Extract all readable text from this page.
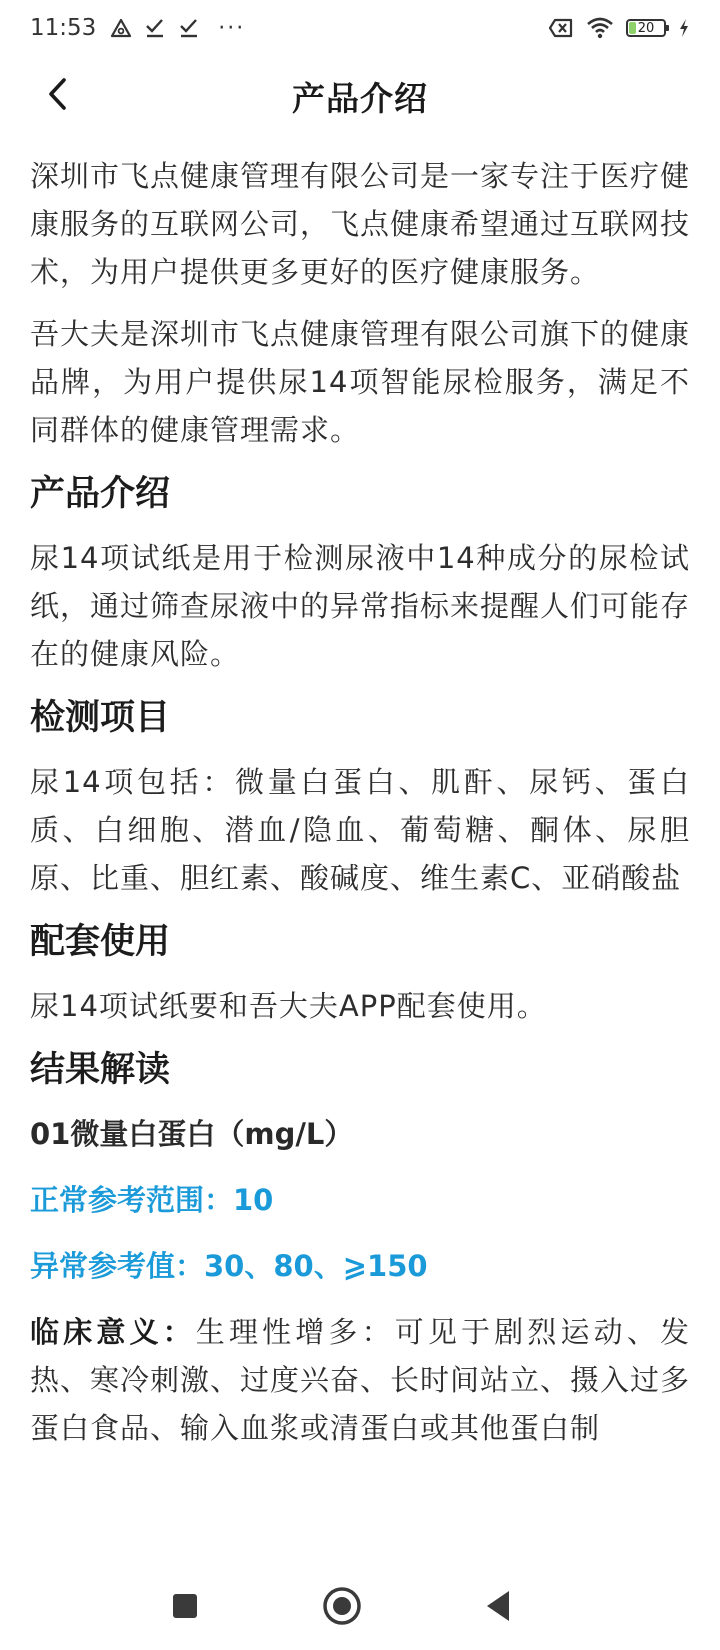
11:53	···	20
产品介绍

深圳市飞点健康管理有限公司是一家专注于医疗健康服务的互联网公司，飞点健康希望通过互联网技术，为用户提供更多更好的医疗健康服务。

吾大夫是深圳市飞点健康管理有限公司旗下的健康品牌，为用户提供尿14项智能尿检服务，满足不同群体的健康管理需求。

产品介绍

尿14项试纸是用于检测尿液中14种成分的尿检试纸，通过筛查尿液中的异常指标来提醒人们可能存在的健康风险。

检测项目

尿14项包括：微量白蛋白、肌酐、尿钙、蛋白质、白细胞、潜血/隐血、葡萄糖、酮体、尿胆原、比重、胆红素、酸碱度、维生素C、亚硝酸盐

配套使用

尿14项试纸要和吾大夫APP配套使用。

结果解读
01微量白蛋白（mg/L）
正常参考范围：10
异常参考值：30、80、⩾150

临床意义：生理性增多：可见于剧烈运动、发热、寒冷刺激、过度兴奋、长时间站立、摄入过多蛋白食品、输入血浆或清蛋白或其他蛋白制
